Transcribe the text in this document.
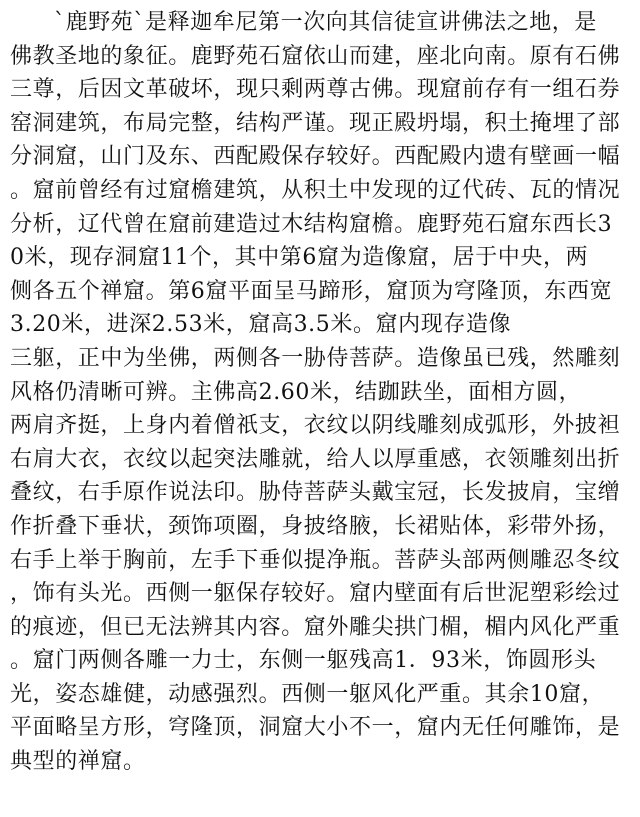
`鹿野苑`是释迦牟尼第一次向其信徒宣讲佛法之地，是
佛教圣地的象征。鹿野苑石窟依山而建，座北向南。原有石佛
三尊，后因文革破坏，现只剩两尊古佛。现窟前存有一组石券
窑洞建筑，布局完整，结构严谨。现正殿坍塌，积土掩埋了部
分洞窟，山门及东、西配殿保存较好。西配殿内遗有壁画一幅
。窟前曾经有过窟檐建筑，从积土中发现的辽代砖、瓦的情况
分析，辽代曾在窟前建造过木结构窟檐。鹿野苑石窟东西长3
0米，现存洞窟11个，其中第6窟为造像窟，居于中央，两
侧各五个禅窟。第6窟平面呈马蹄形，窟顶为穹隆顶，东西宽
3.20米，进深2.53米，窟高3.5米。窟内现存造像
三躯，正中为坐佛，两侧各一胁侍菩萨。造像虽已残，然雕刻
风格仍清晰可辨。主佛高2.60米，结跏趺坐，面相方圆，
两肩齐挺，上身内着僧祇支，衣纹以阴线雕刻成弧形，外披袒
右肩大衣，衣纹以起突法雕就，给人以厚重感，衣领雕刻出折
叠纹，右手原作说法印。胁侍菩萨头戴宝冠，长发披肩，宝缯
作折叠下垂状，颈饰项圈，身披络腋，长裙贴体，彩带外扬，
右手上举于胸前，左手下垂似提净瓶。菩萨头部两侧雕忍冬纹
，饰有头光。西侧一躯保存较好。窟内壁面有后世泥塑彩绘过
的痕迹，但已无法辨其内容。窟外雕尖拱门楣，楣内风化严重
。窟门两侧各雕一力士，东侧一躯残高1．93米，饰圆形头
光，姿态雄健，动感强烈。西侧一躯风化严重。其余10窟，
平面略呈方形，穹隆顶，洞窟大小不一，窟内无任何雕饰，是
典型的禅窟。
